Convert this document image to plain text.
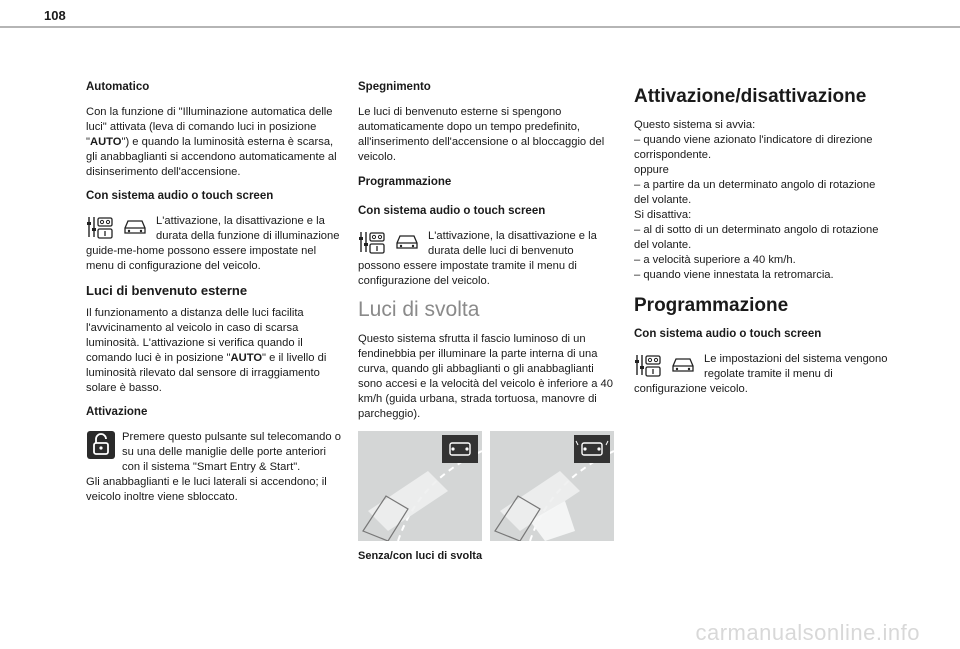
108
Automatico

Con la funzione di "Illuminazione automatica delle luci" attivata (leva di comando luci in posizione "AUTO") e quando la luminosità esterna è scarsa, gli anabbaglianti si accendono automaticamente al disinserimento dell'accensione.

Con sistema audio o touch screen
L'attivazione, la disattivazione e la durata della funzione di illuminazione guide-me-home possono essere impostate nel menu di configurazione del veicolo.
Luci di benvenuto esterne

Il funzionamento a distanza delle luci facilita l'avvicinamento al veicolo in caso di scarsa luminosità. L'attivazione si verifica quando il comando luci è in posizione "AUTO" e il livello di luminosità rilevato dal sensore di irraggiamento solare è basso.

Attivazione
Premere questo pulsante sul telecomando o su una delle maniglie delle porte anteriori con il sistema "Smart Entry & Start".

Gli anabbaglianti e le luci laterali si accendono; il veicolo inoltre viene sbloccato.

Spegnimento

Le luci di benvenuto esterne si spengono automaticamente dopo un tempo predefinito, all'inserimento dell'accensione o al bloccaggio del veicolo.

Programmazione
Con sistema audio o touch screen
L'attivazione, la disattivazione e la durata delle luci di benvenuto possono essere impostate tramite il menu di configurazione del veicolo.
Luci di svolta

Questo sistema sfrutta il fascio luminoso di un fendinebbia per illuminare la parte interna di una curva, quando gli abbaglianti o gli anabbaglianti sono accesi e la velocità del veicolo è inferiore a 40 km/h (guida urbana, strada tortuosa, manovre di parcheggio).

Senza/con luci di svolta
Attivazione/disattivazione
Questo sistema si avvia:
– quando viene azionato l'indicatore di direzione corrispondente.
oppure
– a partire da un determinato angolo di rotazione del volante.
Si disattiva:
– al di sotto di un determinato angolo di rotazione del volante.
– a velocità superiore a 40 km/h.
– quando viene innestata la retromarcia.
Programmazione
Con sistema audio o touch screen
Le impostazioni del sistema vengono regolate tramite il menu di configurazione veicolo.
carmanualsonline.info
